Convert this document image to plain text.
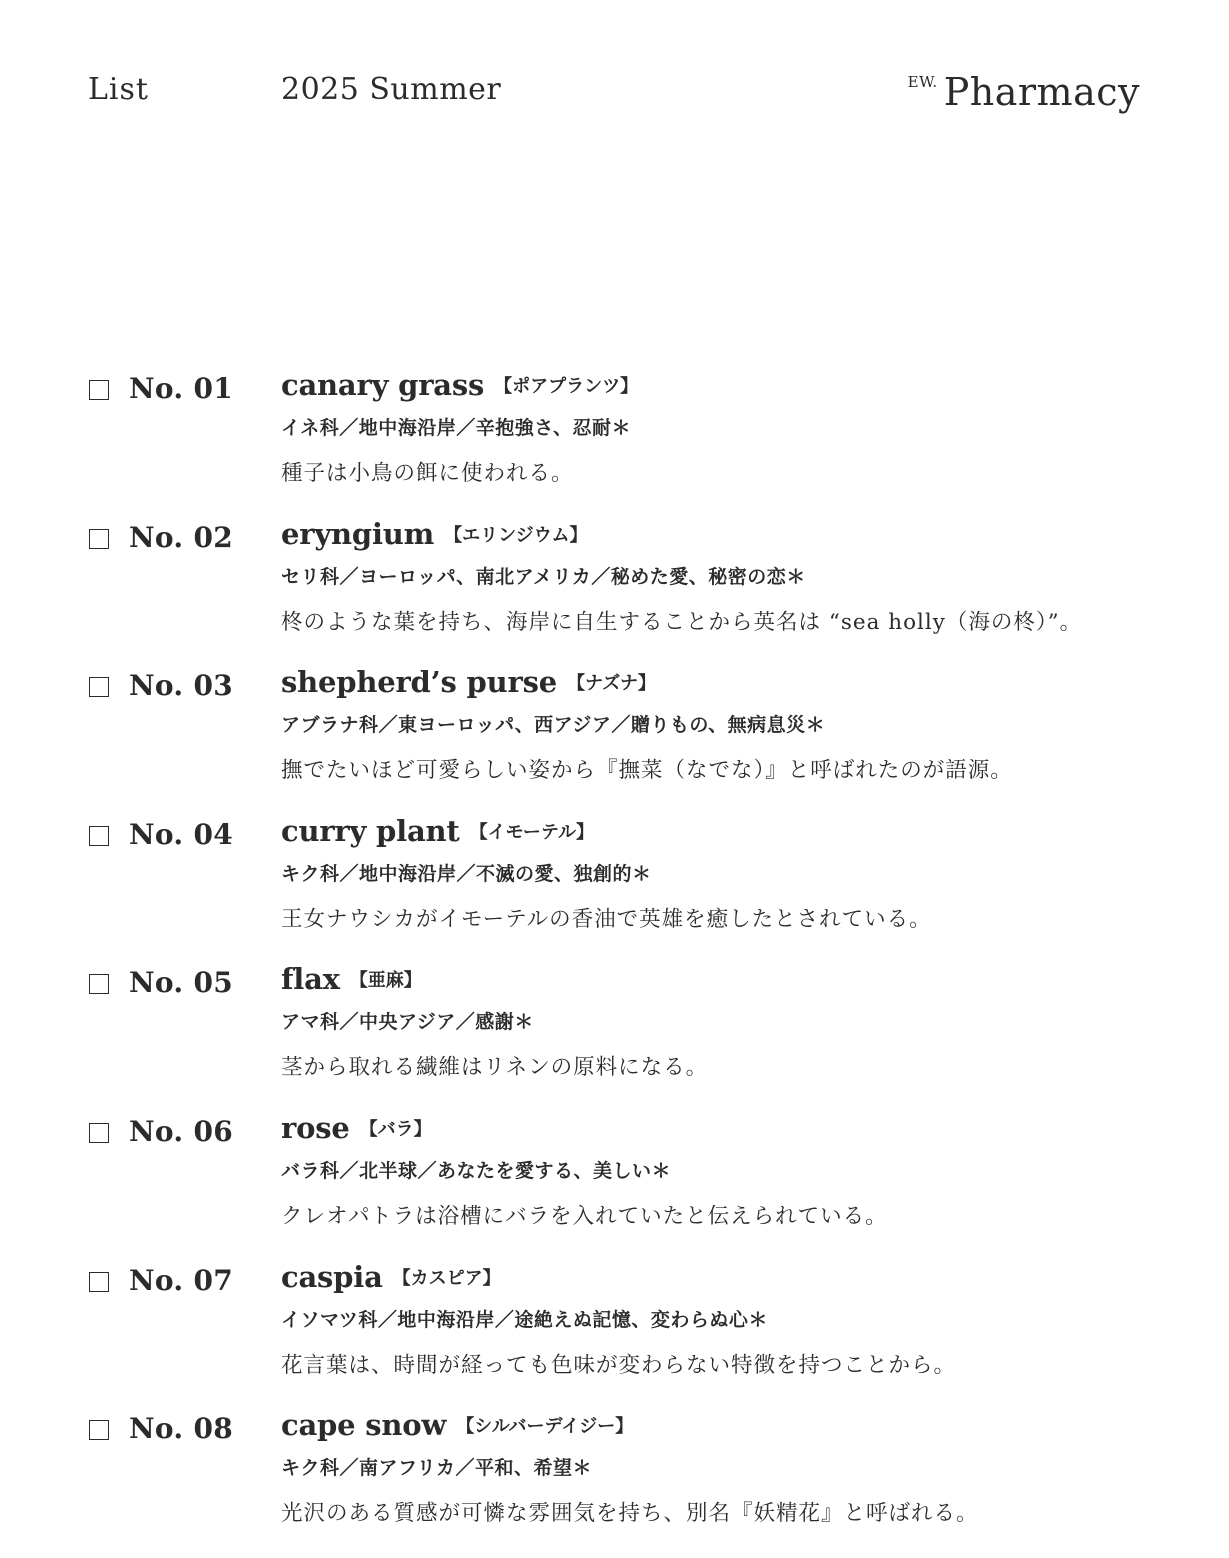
List	2025 Summer	EW. Pharmacy
No. 01 canary grass 【ポアプランツ】
イネ科／地中海沿岸／辛抱強さ、忍耐＊
種子は小鳥の餌に使われる。
No. 02 eryngium 【エリンジウム】
セリ科／ヨーロッパ、南北アメリカ／秘めた愛、秘密の恋＊
柊のような葉を持ち、海岸に自生することから英名は “sea holly（海の柊）”。
No. 03 shepherd’s purse 【ナズナ】
アブラナ科／東ヨーロッパ、西アジア／贈りもの、無病息災＊
撫でたいほど可愛らしい姿から『撫菜（なでな）』と呼ばれたのが語源。
No. 04 curry plant 【イモーテル】
キク科／地中海沿岸／不滅の愛、独創的＊
王女ナウシカがイモーテルの香油で英雄を癒したとされている。
No. 05 flax 【亜麻】
アマ科／中央アジア／感謝＊
茎から取れる繊維はリネンの原料になる。
No. 06 rose 【バラ】
バラ科／北半球／あなたを愛する、美しい＊
クレオパトラは浴槽にバラを入れていたと伝えられている。
No. 07 caspia 【カスピア】
イソマツ科／地中海沿岸／途絶えぬ記憶、変わらぬ心＊
花言葉は、時間が経っても色味が変わらない特徴を持つことから。
No. 08 cape snow 【シルバーデイジー】
キク科／南アフリカ／平和、希望＊
光沢のある質感が可憐な雰囲気を持ち、別名『妖精花』と呼ばれる。
